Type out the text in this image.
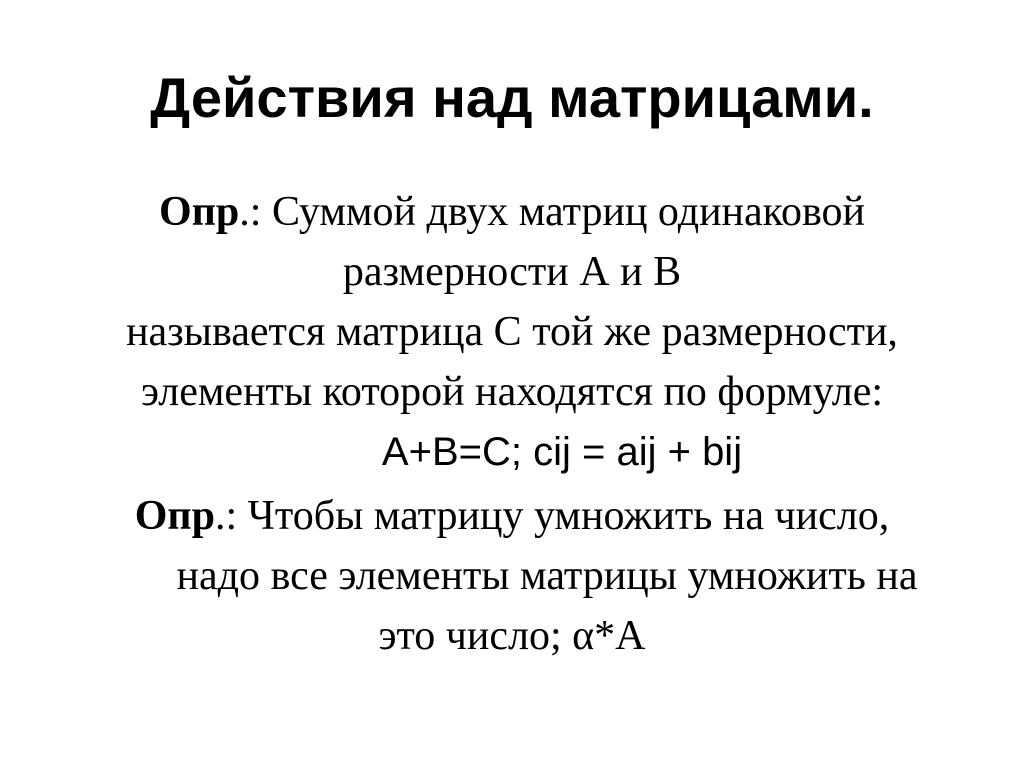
Действия над матрицами.
Опр.: Суммой двух матриц одинаковой
размерности А и В
называется матрица С той же размерности,
элементы которой находятся по формуле:
A+B=C; cij = aij + bij
Опр.: Чтобы матрицу умножить на число,
надо все элементы матрицы умножить на
это число; α*А
